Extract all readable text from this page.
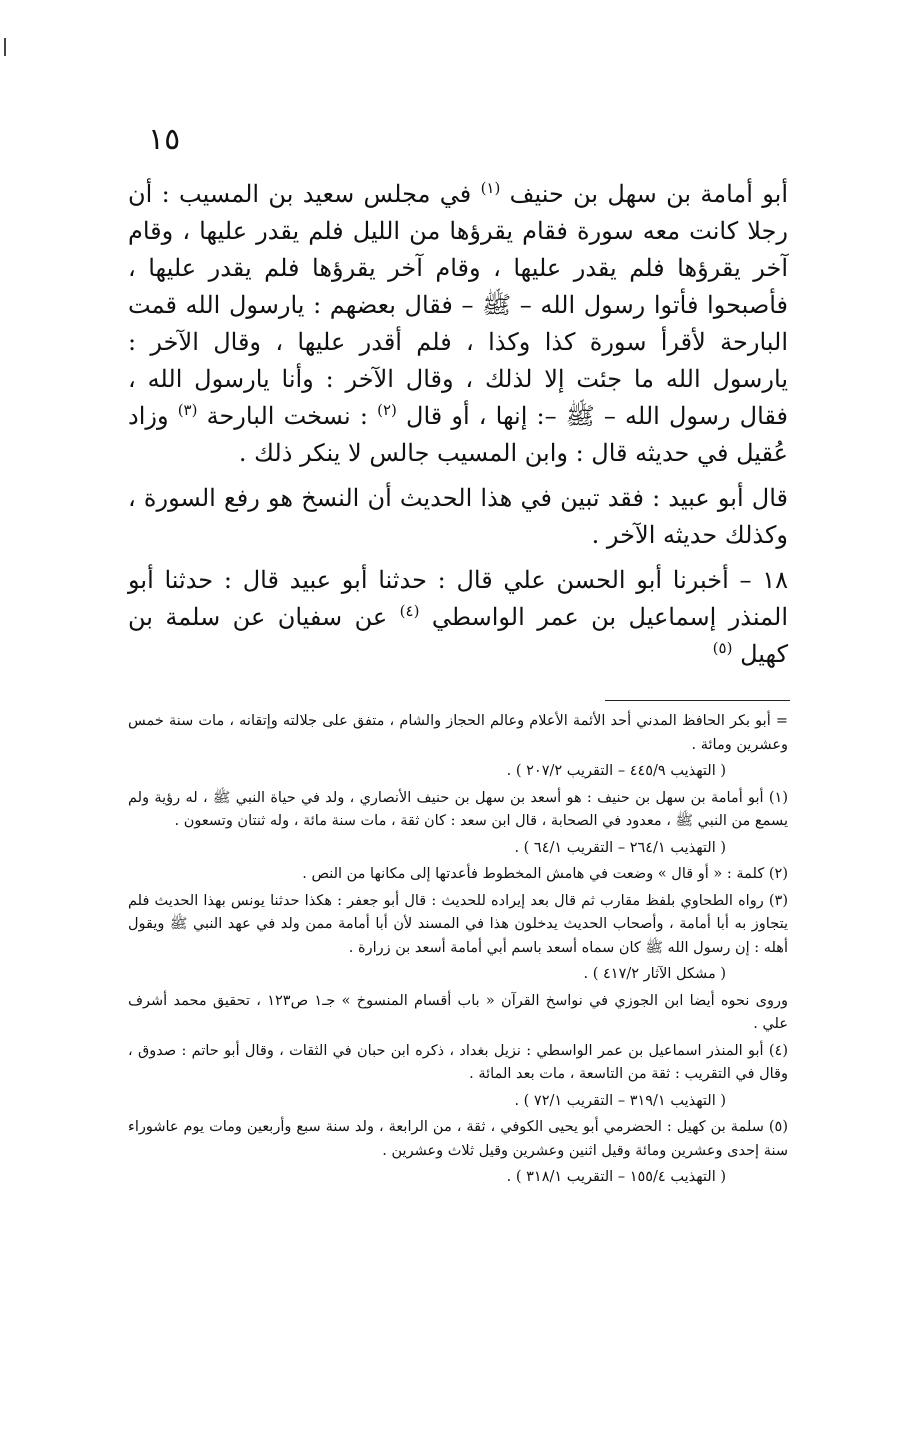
١٥

أبو أمامة بن سهل بن حنيف $^{(١)}$ في مجلس سعيد بن المسيب : أن رجلا كانت معه سورة فقام يقرؤها من الليل فلم يقدر عليها ، وقام آخر يقرؤها فلم يقدر عليها ، وقام آخر يقرؤها فلم يقدر عليها ، فأصبحوا فأتوا رسول الله – ﷺ – فقال بعضهم : يارسول الله قمت البارحة لأقرأ سورة كذا وكذا ، فلم أقدر عليها ، وقال الآخر : يارسول الله ما جئت إلا لذلك ، وقال الآخر : وأنا يارسول الله ، فقال رسول الله – ﷺ –: إنها ، أو قال $^{(٢)}$ : نسخت البارحة $^{(٣)}$ وزاد عُقيل في حديثه قال : وابن المسيب جالس لا ينكر ذلك .

قال أبو عبيد : فقد تبين في هذا الحديث أن النسخ هو رفع السورة ، وكذلك حديثه الآخر .

١٨ – أخبرنا أبو الحسن علي قال : حدثنا أبو عبيد قال : حدثنا أبو المنذر إسماعيل بن عمر الواسطي $^{(٤)}$ عن سفيان عن سلمة بن كهيل $^{(٥)}$

= أبو بكر الحافظ المدني أحد الأئمة الأعلام وعالم الحجاز والشام ، متفق على جلالته وإتقانه ، مات سنة خمس وعشرين ومائة .

( التهذيب ٤٤٥/٩ – التقريب ٢٠٧/٢ ) .

(١) أبو أمامة بن سهل بن حنيف : هو أسعد بن سهل بن حنيف الأنصاري ، ولد في حياة النبي ﷺ ، له رؤية ولم يسمع من النبي ﷺ ، معدود في الصحابة ، قال ابن سعد : كان ثقة ، مات سنة مائة ، وله ثنتان وتسعون .

( التهذيب ٢٦٤/١ – التقريب ٦٤/١ ) .

(٢) كلمة : « أو قال » وضعت في هامش المخطوط فأعدتها إلى مكانها من النص .

(٣) رواه الطحاوي بلفظ مقارب ثم قال بعد إيراده للحديث : قال أبو جعفر : هكذا حدثنا يونس بهذا الحديث فلم يتجاوز به أبا أمامة ، وأصحاب الحديث يدخلون هذا في المسند لأن أبا أمامة ممن ولد في عهد النبي ﷺ ويقول أهله : إن رسول الله ﷺ كان سماه أسعد باسم أبي أمامة أسعد بن زرارة .

( مشكل الآثار ٤١٧/٢ ) .

وروى نحوه أيضا ابن الجوزي في نواسخ القرآن « باب أقسام المنسوخ » جـ١ ص١٢٣ ، تحقيق محمد أشرف علي .

(٤) أبو المنذر اسماعيل بن عمر الواسطي : نزيل بغداد ، ذكره ابن حبان في الثقات ، وقال أبو حاتم : صدوق ، وقال في التقريب : ثقة من التاسعة ، مات بعد المائة .

( التهذيب ٣١٩/١ – التقريب ٧٢/١ ) .

(٥) سلمة بن كهيل : الحضرمي أبو يحيى الكوفي ، ثقة ، من الرابعة ، ولد سنة سبع وأربعين ومات يوم عاشوراء سنة إحدى وعشرين ومائة وقيل اثنين وعشرين وقيل ثلاث وعشرين .

( التهذيب ١٥٥/٤ – التقريب ٣١٨/١ ) .
